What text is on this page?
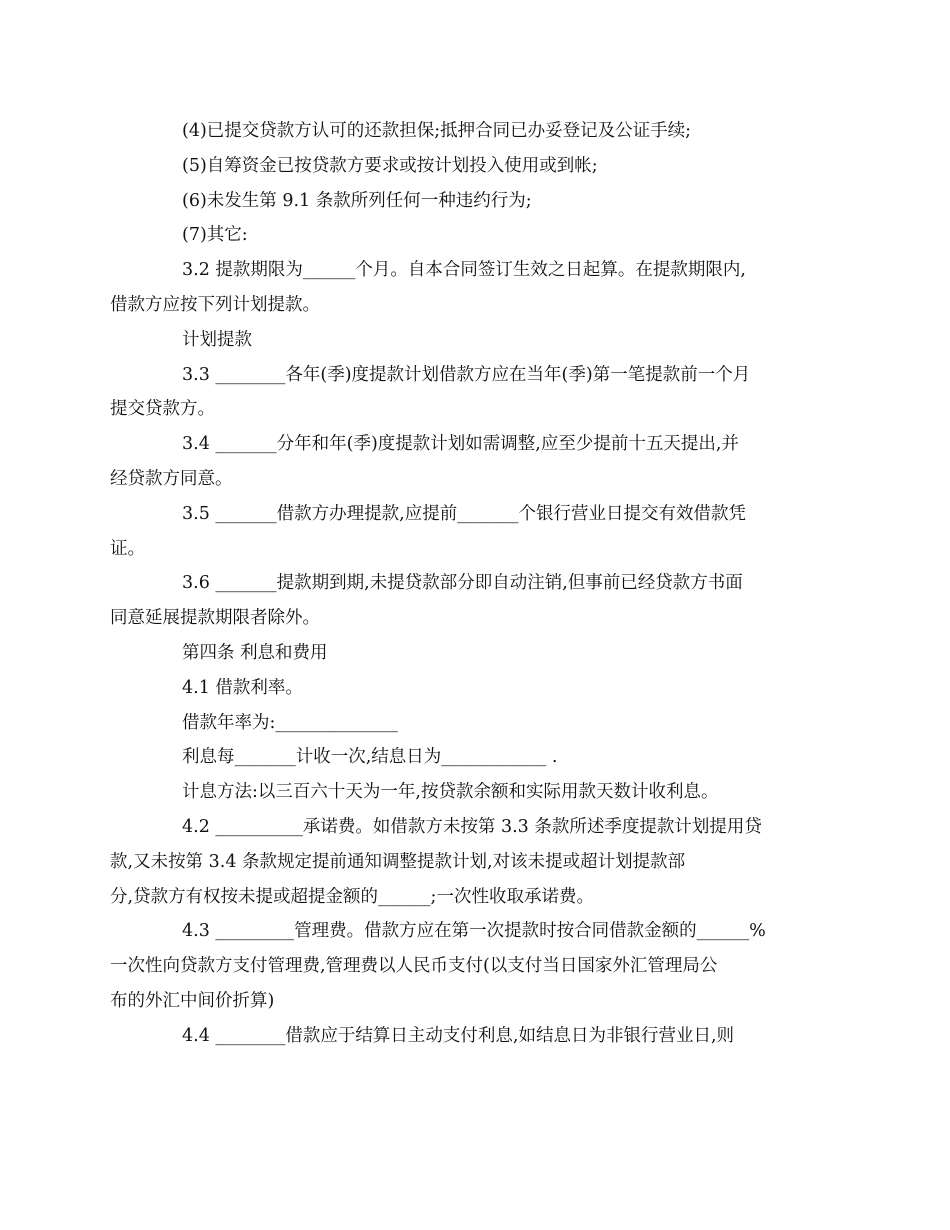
(4)已提交贷款方认可的还款担保;抵押合同已办妥登记及公证手续;

(5)自筹资金已按贷款方要求或按计划投入使用或到帐;

(6)未发生第 9.1 条款所列任何一种违约行为;

(7)其它:

3.2 提款期限为______个月。自本合同签订生效之日起算。在提款期限内,
借款方应按下列计划提款。

计划提款

3.3 ________各年(季)度提款计划借款方应在当年(季)第一笔提款前一个月
提交贷款方。

3.4 _______分年和年(季)度提款计划如需调整,应至少提前十五天提出,并
经贷款方同意。

3.5 _______借款方办理提款,应提前_______个银行营业日提交有效借款凭
证。

3.6 _______提款期到期,未提贷款部分即自动注销,但事前已经贷款方书面
同意延展提款期限者除外。

第四条 利息和费用

4.1 借款利率。

借款年率为:______________

利息每_______计收一次,结息日为____________ .

计息方法:以三百六十天为一年,按贷款余额和实际用款天数计收利息。

4.2 __________承诺费。如借款方未按第 3.3 条款所述季度提款计划提用贷
款,又未按第 3.4 条款规定提前通知调整提款计划,对该未提或超计划提款部
分,贷款方有权按未提或超提金额的______;一次性收取承诺费。

4.3 _________管理费。借款方应在第一次提款时按合同借款金额的______%
一次性向贷款方支付管理费,管理费以人民币支付(以支付当日国家外汇管理局公
布的外汇中间价折算)

4.4 ________借款应于结算日主动支付利息,如结息日为非银行营业日,则
